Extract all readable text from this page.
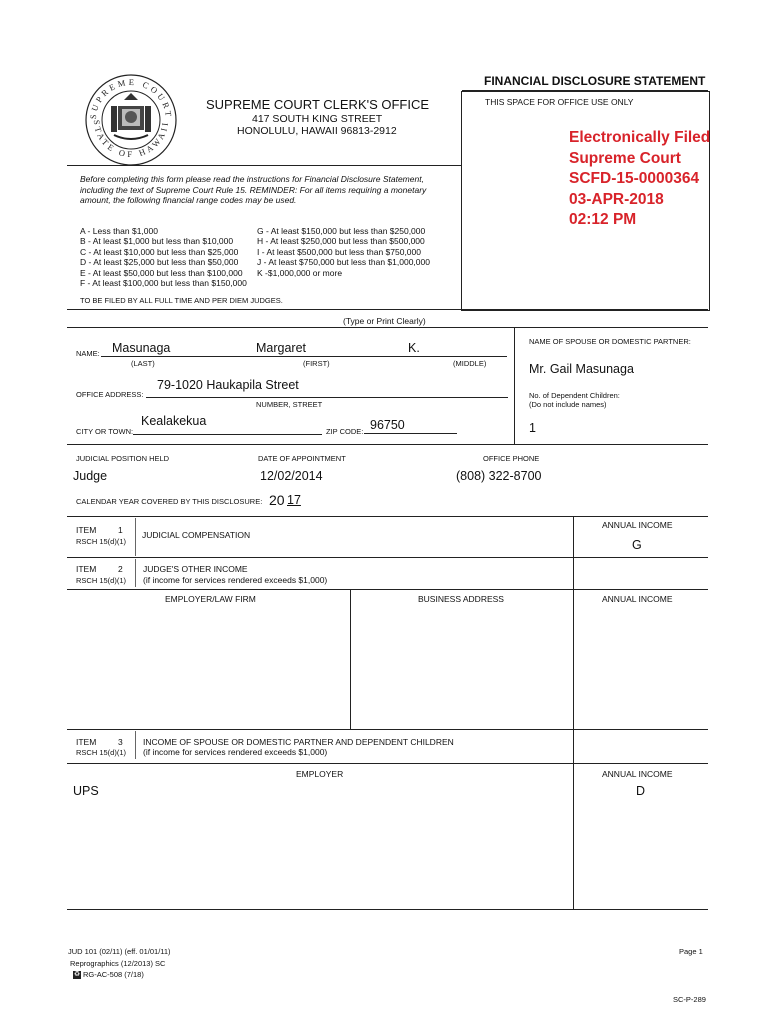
FINANCIAL DISCLOSURE STATEMENT
SUPREME COURT
STATE OF HAWAII
SUPREME COURT CLERK'S OFFICE
417 SOUTH KING STREET
HONOLULU, HAWAII 96813-2912
THIS SPACE FOR OFFICE USE ONLY
Electronically Filed
Supreme Court
SCFD-15-0000364
03-APR-2018
02:12 PM
Before completing this form please read the instructions for Financial Disclosure Statement, including the text of Supreme Court Rule 15. REMINDER: For all items requiring a monetary amount, the following financial range codes may be used.
A - Less than $1,000
B - At least $1,000 but less than $10,000
C - At least $10,000 but less than $25,000
D - At least $25,000 but less than $50,000
E - At least $50,000 but less than $100,000
F - At least $100,000 but less than $150,000
G - At least $150,000 but less than $250,000
H - At least $250,000 but less than $500,000
I - At least $500,000 but less than $750,000
J - At least $750,000 but less than $1,000,000
K -$1,000,000 or more
TO BE FILED BY ALL FULL TIME AND PER DIEM JUDGES.
(Type or Print Clearly)
NAME: Masunaga	Margaret	K.
(LAST)	(FIRST)	(MIDDLE)
OFFICE ADDRESS:
79-1020 Haukapila Street
NUMBER, STREET
CITY OR TOWN:
Kealakekua
ZIP CODE: 96750
NAME OF SPOUSE OR DOMESTIC PARTNER:
Mr. Gail Masunaga
No. of Dependent Children:
(Do not include names)
1
JUDICIAL POSITION HELD	DATE OF APPOINTMENT	OFFICE PHONE
Judge	12/02/2014	(808) 322-8700
CALENDAR YEAR COVERED BY THIS DISCLOSURE: 20 17
ITEM	1
RSCH 15(d)(1)
JUDICIAL COMPENSATION
ANNUAL INCOME
G
ITEM	2
RSCH 15(d)(1)
JUDGE'S OTHER INCOME
(if income for services rendered exceeds $1,000)
EMPLOYER/LAW FIRM	BUSINESS ADDRESS	ANNUAL INCOME
ITEM	3
RSCH 15(d)(1)
INCOME OF SPOUSE OR DOMESTIC PARTNER AND DEPENDENT CHILDREN
(if income for services rendered exceeds $1,000)
EMPLOYER	ANNUAL INCOME
UPS	D
JUD 101 (02/11) (eff. 01/01/11)
Reprographics (12/2013) SC
♻ RG-AC-508 (7/18)
Page 1
SC-P-289
